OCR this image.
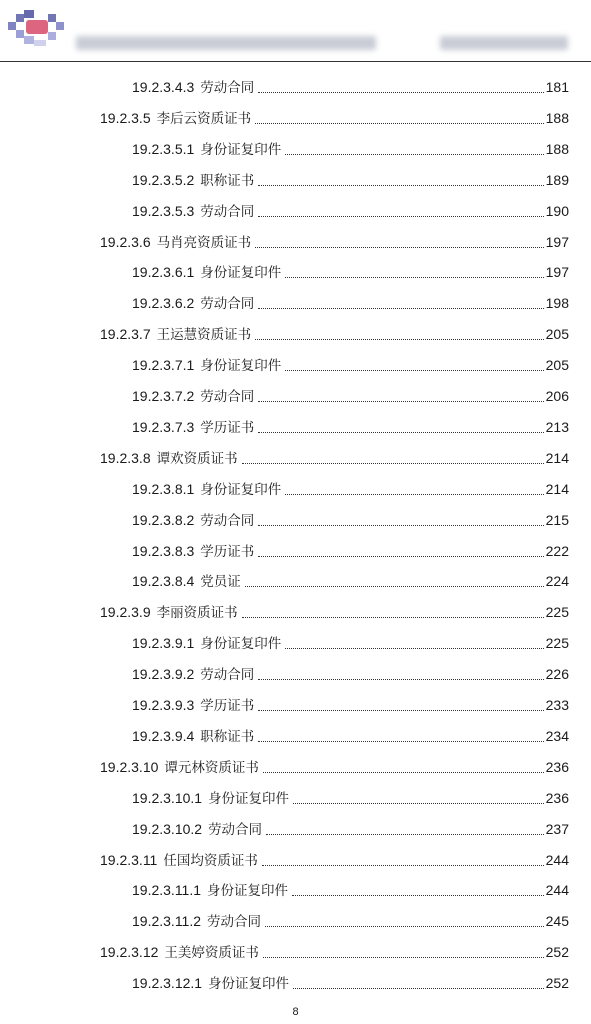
19.2.3.4.3 劳动合同	181
19.2.3.5 李后云资质证书	188
19.2.3.5.1 身份证复印件	188
19.2.3.5.2 职称证书	189
19.2.3.5.3 劳动合同	190
19.2.3.6 马肖亮资质证书	197
19.2.3.6.1 身份证复印件	197
19.2.3.6.2 劳动合同	198
19.2.3.7 王运慧资质证书	205
19.2.3.7.1 身份证复印件	205
19.2.3.7.2 劳动合同	206
19.2.3.7.3 学历证书	213
19.2.3.8 谭欢资质证书	214
19.2.3.8.1 身份证复印件	214
19.2.3.8.2 劳动合同	215
19.2.3.8.3 学历证书	222
19.2.3.8.4 党员证	224
19.2.3.9 李丽资质证书	225
19.2.3.9.1 身份证复印件	225
19.2.3.9.2 劳动合同	226
19.2.3.9.3 学历证书	233
19.2.3.9.4 职称证书	234
19.2.3.10 谭元林资质证书	236
19.2.3.10.1 身份证复印件	236
19.2.3.10.2 劳动合同	237
19.2.3.11 任国均资质证书	244
19.2.3.11.1 身份证复印件	244
19.2.3.11.2 劳动合同	245
19.2.3.12 王美婷资质证书	252
19.2.3.12.1 身份证复印件	252
8
